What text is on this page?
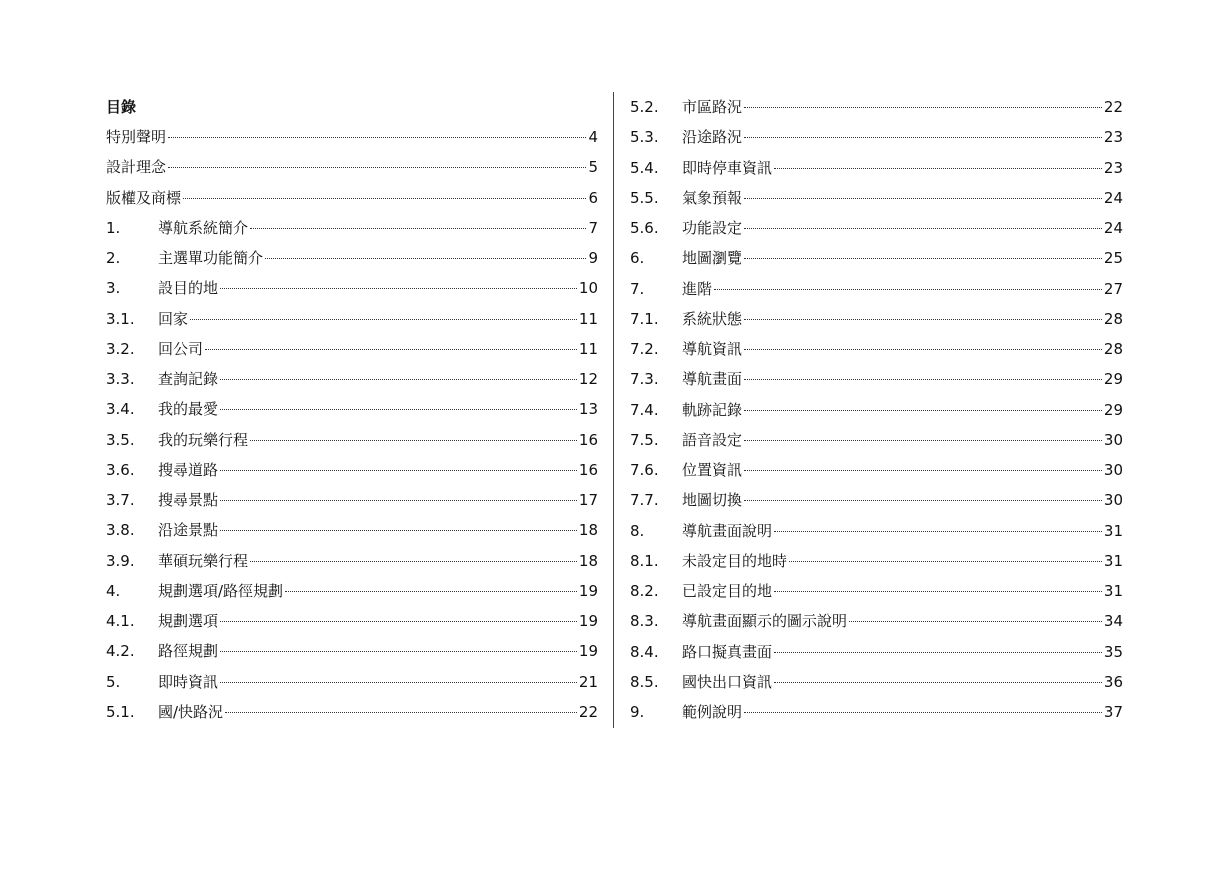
目錄
特別聲明	4
設計理念	5
版權及商標	6
1.	導航系統簡介	7
2.	主選單功能簡介	9
3.	設目的地	10
3.1.	回家	11
3.2.	回公司	11
3.3.	查詢記錄	12
3.4.	我的最愛	13
3.5.	我的玩樂行程	16
3.6.	搜尋道路	16
3.7.	搜尋景點	17
3.8.	沿途景點	18
3.9.	華碩玩樂行程	18
4.	規劃選項/路徑規劃	19
4.1.	規劃選項	19
4.2.	路徑規劃	19
5.	即時資訊	21
5.1.	國/快路況	22
5.2.	市區路況	22
5.3.	沿途路況	23
5.4.	即時停車資訊	23
5.5.	氣象預報	24
5.6.	功能設定	24
6.	地圖瀏覽	25
7.	進階	27
7.1.	系統狀態	28
7.2.	導航資訊	28
7.3.	導航畫面	29
7.4.	軌跡記錄	29
7.5.	語音設定	30
7.6.	位置資訊	30
7.7.	地圖切換	30
8.	導航畫面說明	31
8.1.	未設定目的地時	31
8.2.	已設定目的地	31
8.3.	導航畫面顯示的圖示說明	34
8.4.	路口擬真畫面	35
8.5.	國快出口資訊	36
9.	範例說明	37
